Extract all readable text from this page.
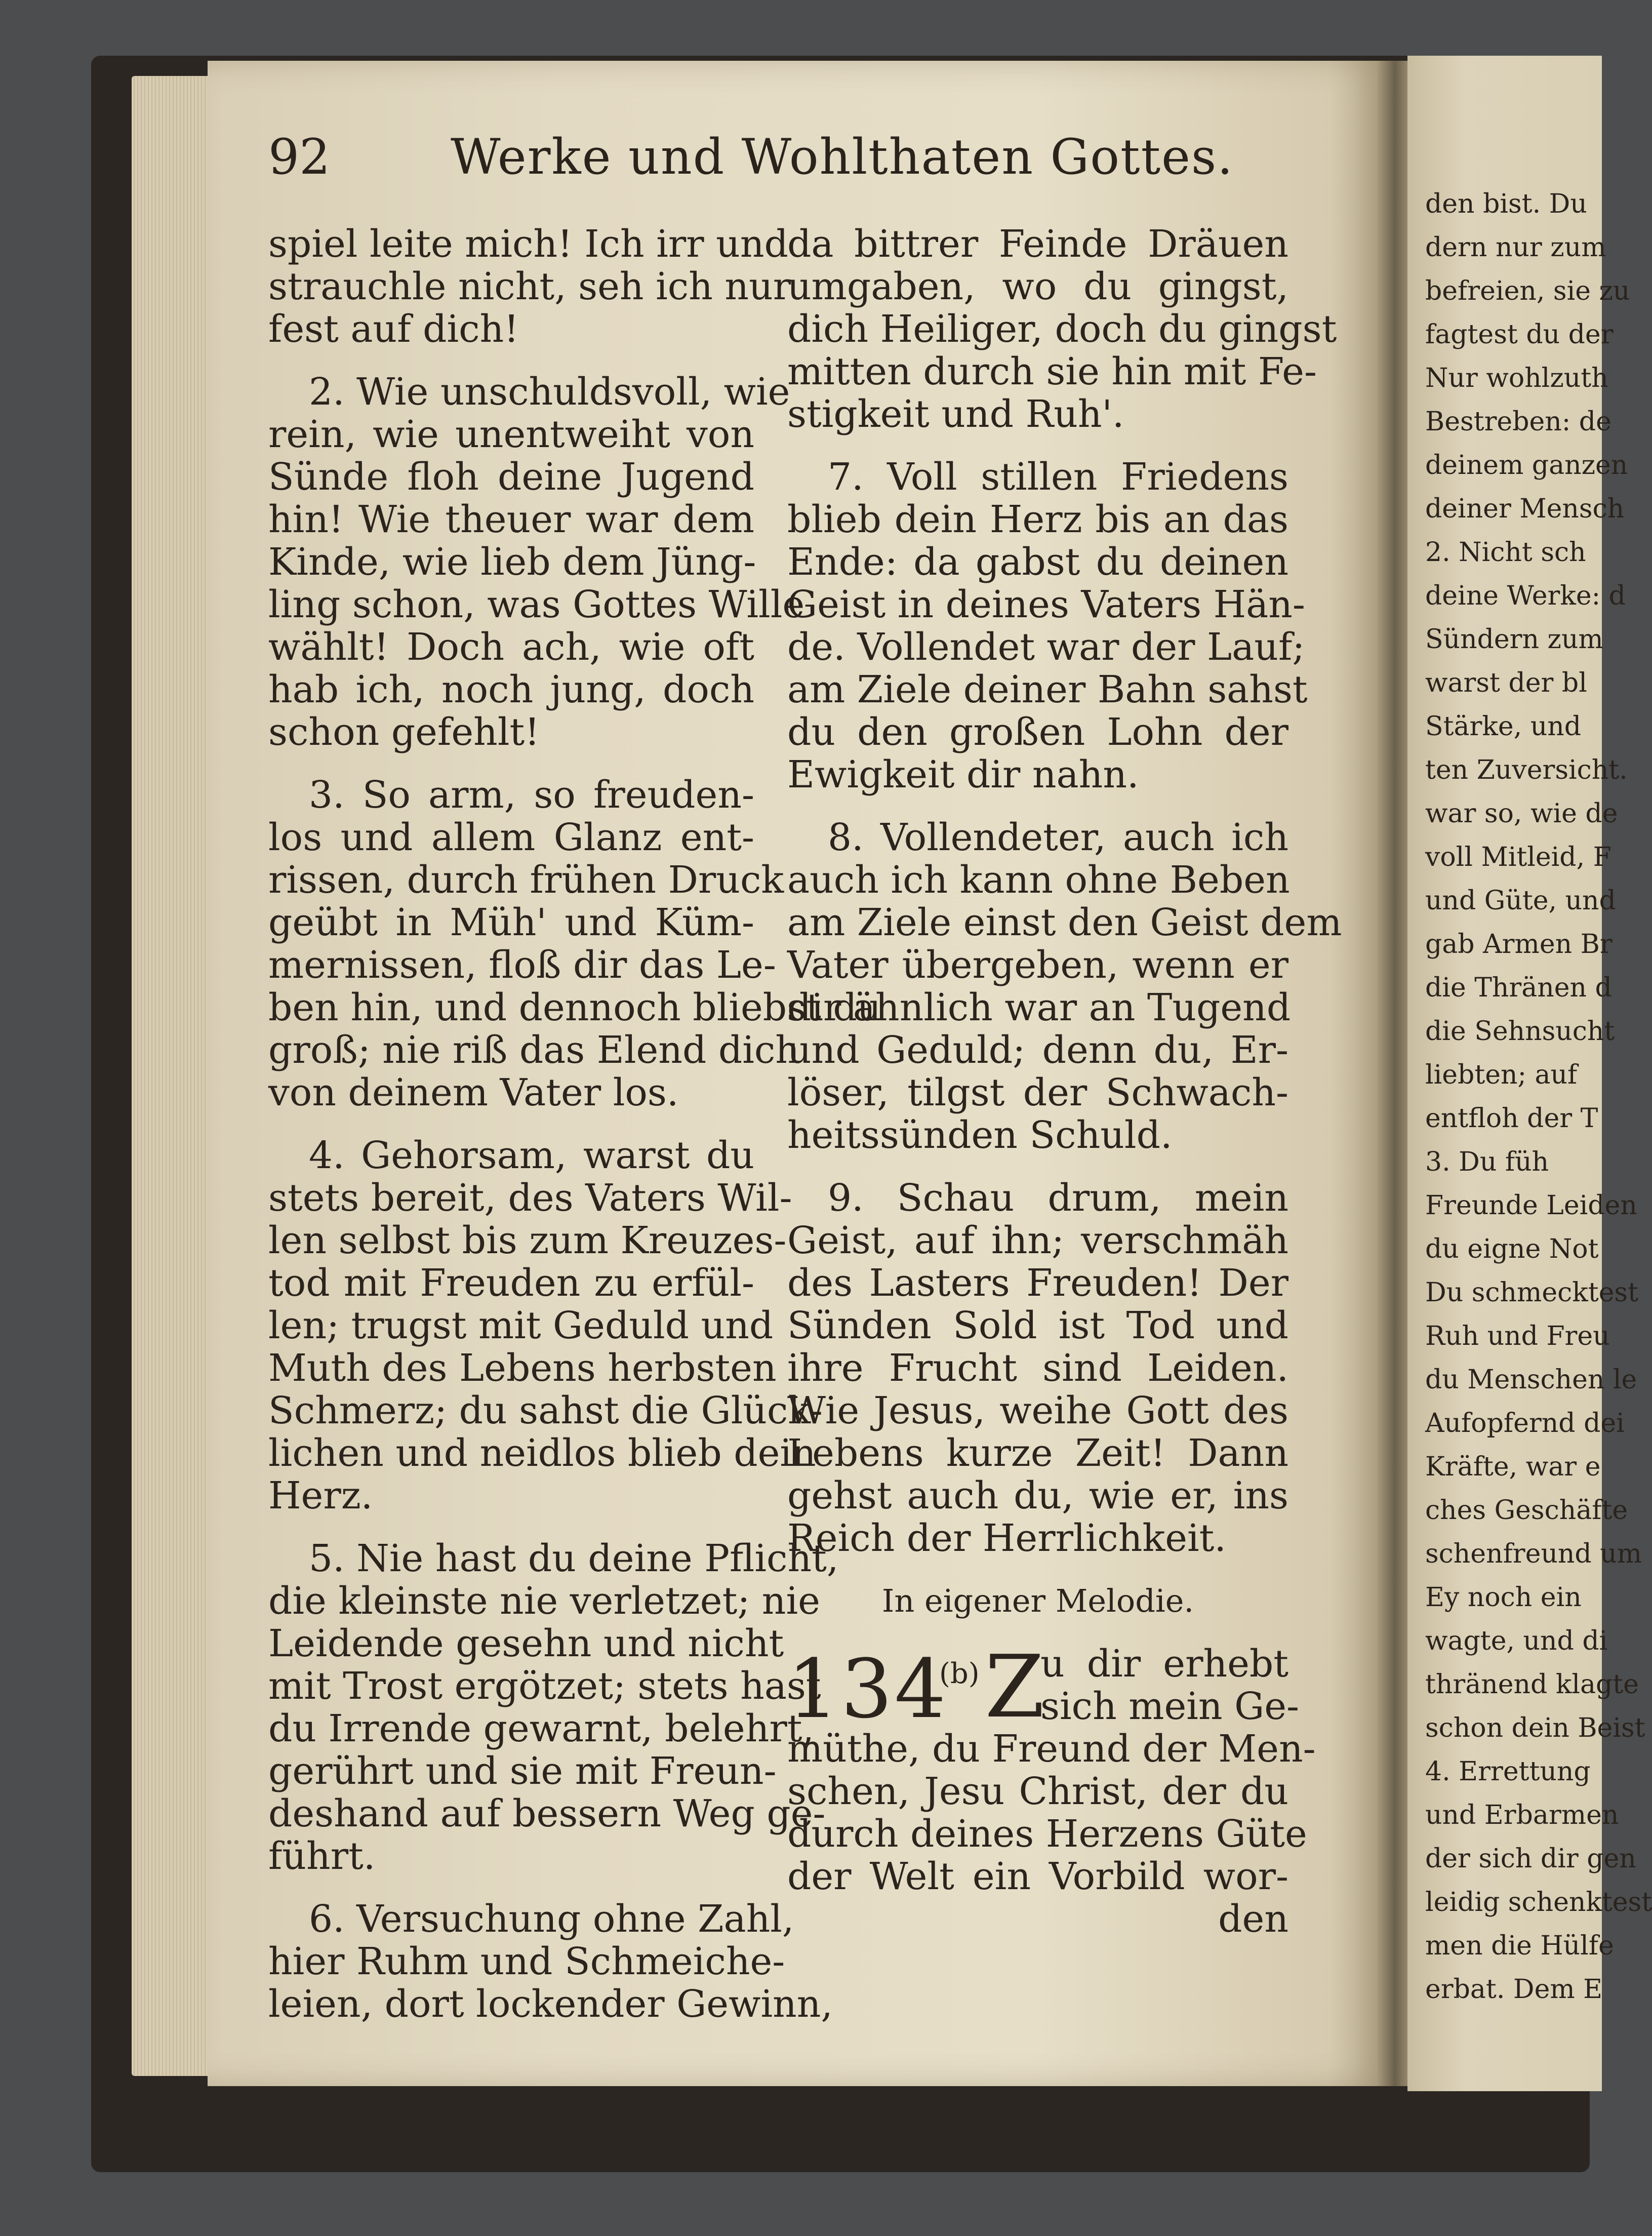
92	Werke und Wohlthaten Gottes.
spiel leite mich! Ich irr und
strauchle nicht, seh ich nur
fest auf dich!
2. Wie unschuldsvoll, wie
rein, wie unentweiht von
Sünde floh deine Jugend
hin! Wie theuer war dem
Kinde, wie lieb dem Jüng-
ling schon, was Gottes Wille
wählt! Doch ach, wie oft
hab ich, noch jung, doch
schon gefehlt!
3. So arm, so freuden-
los und allem Glanz ent-
rissen, durch frühen Druck
geübt in Müh' und Küm-
mernissen, floß dir das Le-
ben hin, und dennoch bliebst du
groß; nie riß das Elend dich
von deinem Vater los.
4. Gehorsam, warst du
stets bereit, des Vaters Wil-
len selbst bis zum Kreuzes-
tod mit Freuden zu erfül-
len; trugst mit Geduld und
Muth des Lebens herbsten
Schmerz; du sahst die Glück-
lichen und neidlos blieb dein
Herz.
5. Nie hast du deine Pflicht,
die kleinste nie verletzet; nie
Leidende gesehn und nicht
mit Trost ergötzet; stets hast
du Irrende gewarnt, belehrt,
gerührt und sie mit Freun-
deshand auf bessern Weg ge-
führt.
6. Versuchung ohne Zahl,
hier Ruhm und Schmeiche-
leien, dort lockender Gewinn,
da bittrer Feinde Dräuen
umgaben, wo du gingst,
dich Heiliger, doch du gingst
mitten durch sie hin mit Fe-
stigkeit und Ruh'.
7. Voll stillen Friedens
blieb dein Herz bis an das
Ende: da gabst du deinen
Geist in deines Vaters Hän-
de. Vollendet war der Lauf;
am Ziele deiner Bahn sahst
du den großen Lohn der
Ewigkeit dir nahn.
8. Vollendeter, auch ich
auch ich kann ohne Beben
am Ziele einst den Geist dem
Vater übergeben, wenn er
dir ähnlich war an Tugend
und Geduld; denn du, Er-
löser, tilgst der Schwach-
heitssünden Schuld.
9. Schau drum, mein
Geist, auf ihn; verschmäh
des Lasters Freuden! Der
Sünden Sold ist Tod und
ihre Frucht sind Leiden.
Wie Jesus, weihe Gott des
Lebens kurze Zeit! Dann
gehst auch du, wie er, ins
Reich der Herrlichkeit.
In eigener Melodie.
134
(b) Z
u dir erhebt
sich mein Ge-
müthe, du Freund der Men-
schen, Jesu Christ, der du
durch deines Herzens Güte
der Welt ein Vorbild wor-
den
den bist. Du
dern nur zum
befreien, sie zu
fagtest du der
Nur wohlzuth
Bestreben: de
deinem ganzen
deiner Mensch
2. Nicht sch
deine Werke: d
Sündern zum
warst der bl
Stärke, und
ten Zuversicht.
war so, wie de
voll Mitleid, F
und Güte, und
gab Armen Br
die Thränen d
die Sehnsucht
liebten; auf
entfloh der T
3. Du füh
Freunde Leiden
du eigne Not
Du schmecktest
Ruh und Freu
du Menschen le
Aufopfernd dei
Kräfte, war e
ches Geschäfte
schenfreund um
Ey noch ein
wagte, und di
thränend klagte
schon dein Beist
4. Errettung
und Erbarmen
der sich dir gen
leidig schenktest
men die Hülfe
erbat. Dem E
